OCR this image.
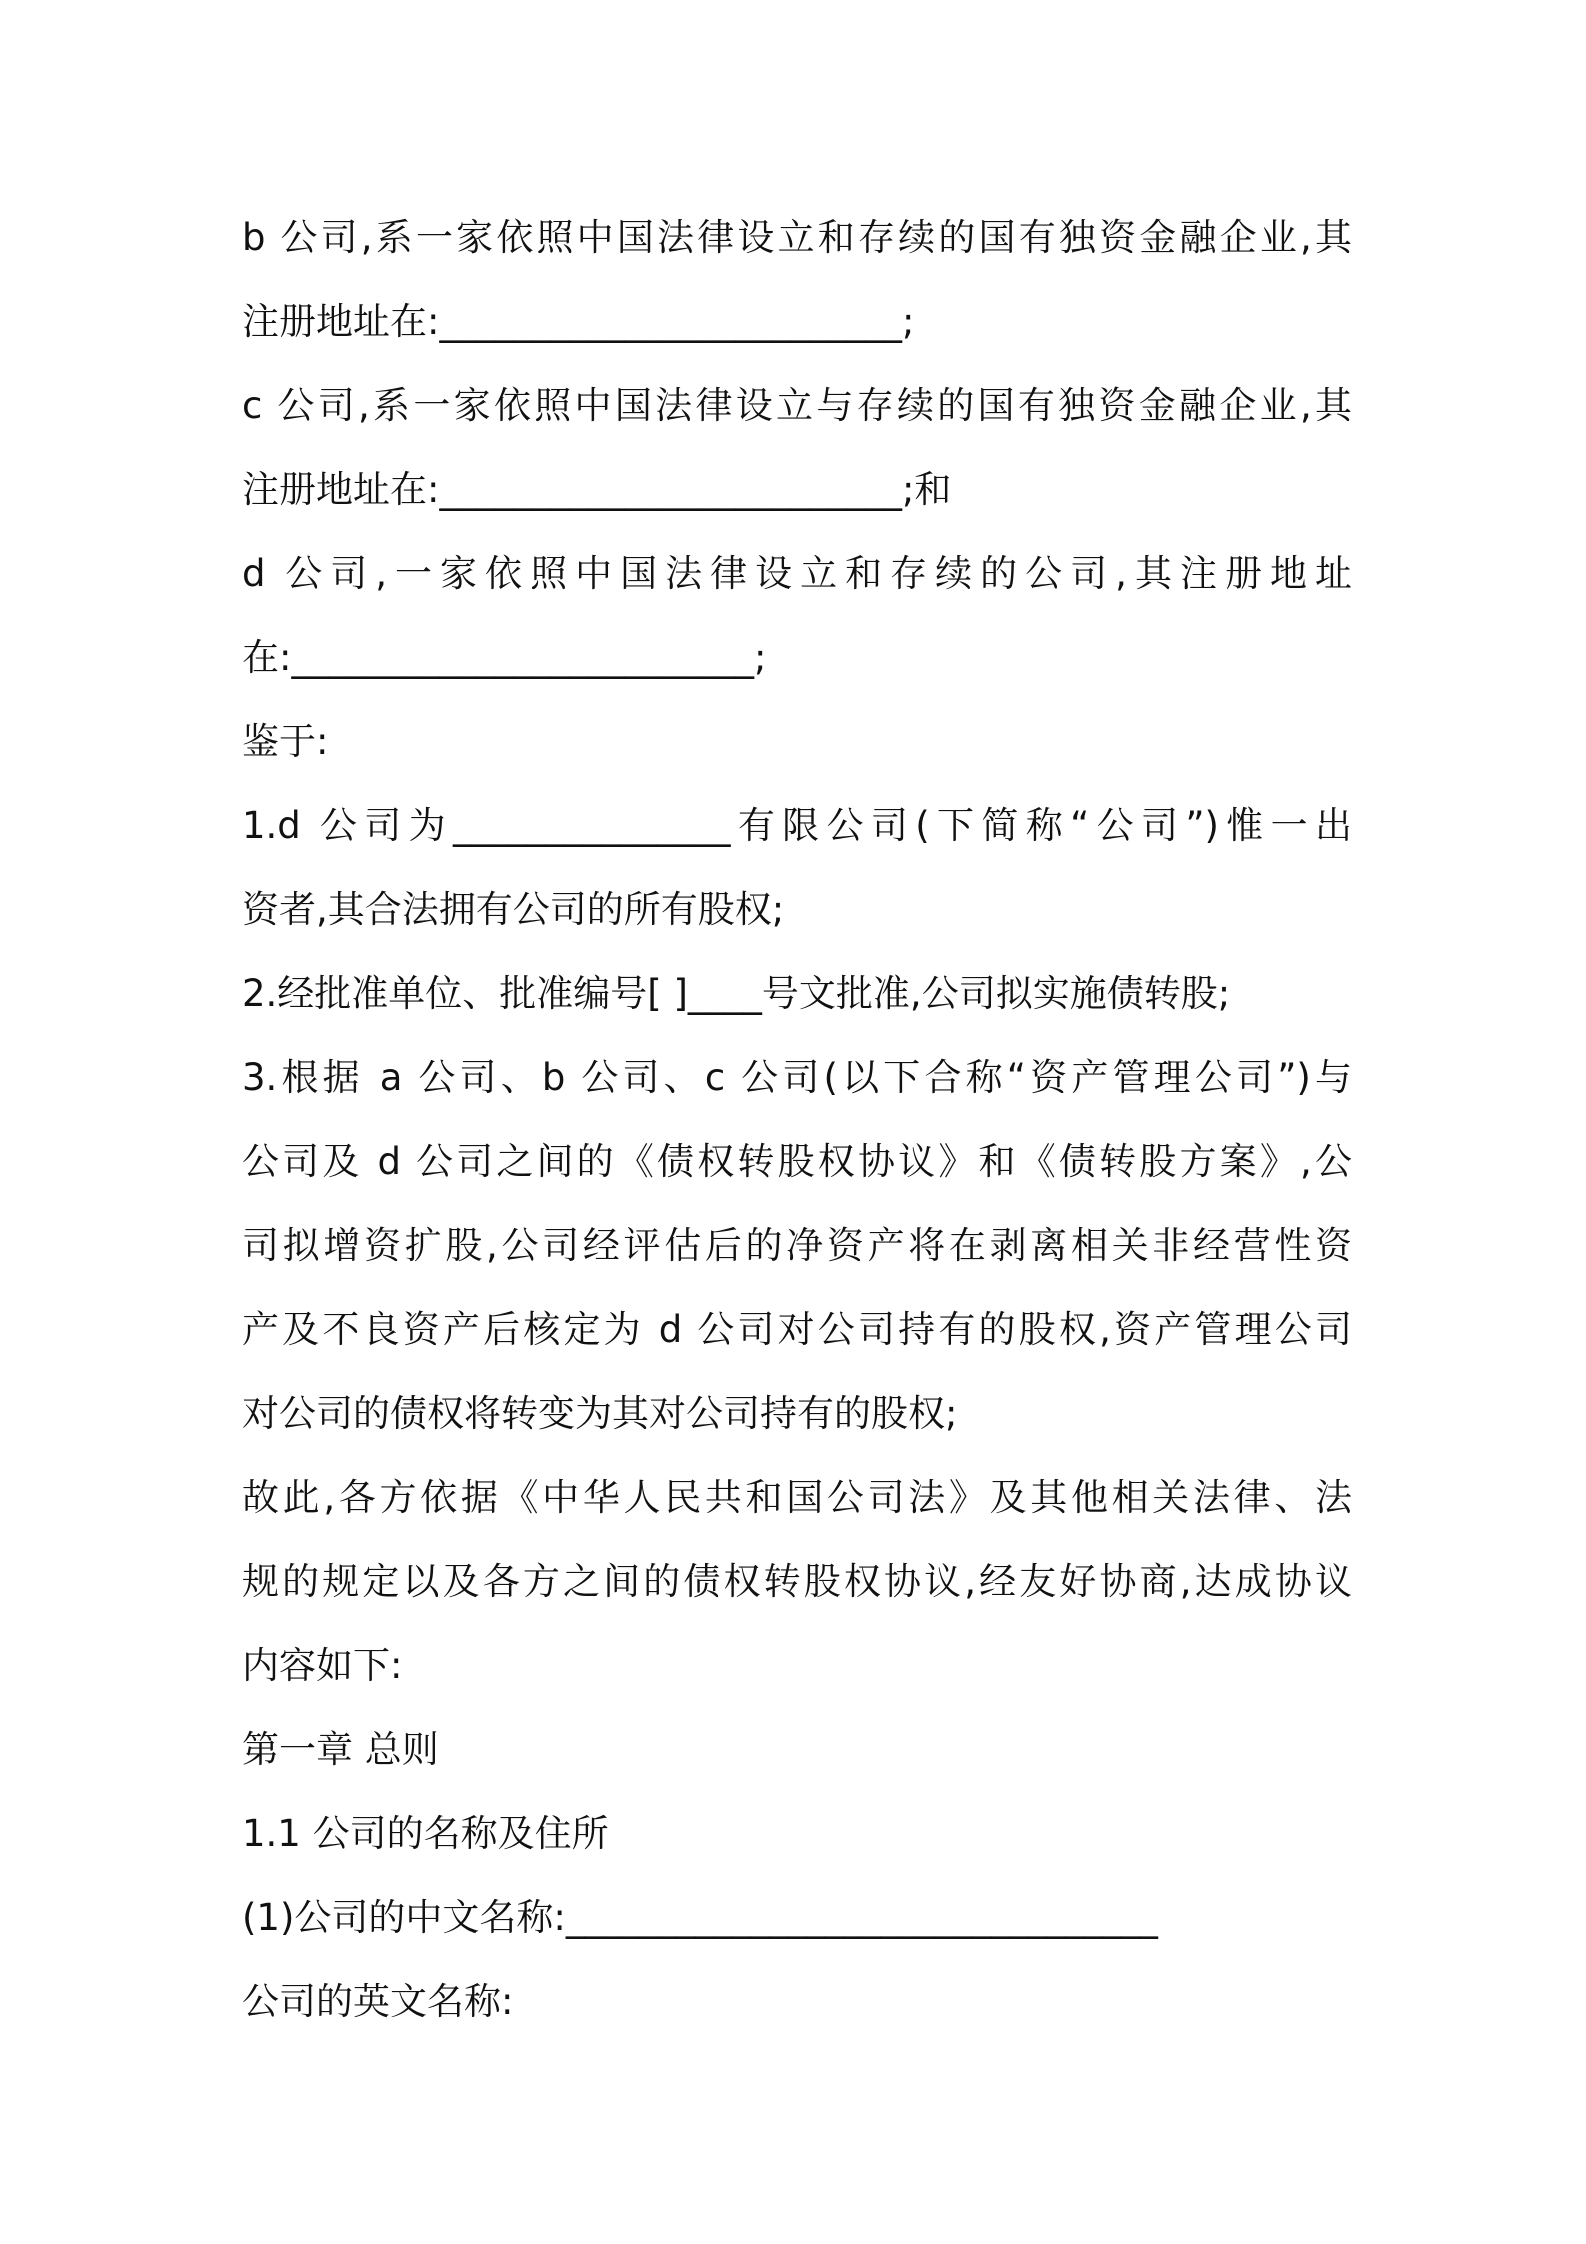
b 公司,系一家依照中国法律设立和存续的国有独资金融企业,其
注册地址在:_________________________;
c 公司,系一家依照中国法律设立与存续的国有独资金融企业,其
注册地址在:_________________________;和
d 公司,一家依照中国法律设立和存续的公司,其注册地址
在:_________________________;
鉴于:
1.d 公司为_______________有限公司(下简称“公司”)惟一出
资者,其合法拥有公司的所有股权;
2.经批准单位、批准编号[ ]____号文批准,公司拟实施债转股;
3.根据 a 公司、b 公司、c 公司(以下合称“资产管理公司”)与
公司及 d 公司之间的《债权转股权协议》和《债转股方案》,公
司拟增资扩股,公司经评估后的净资产将在剥离相关非经营性资
产及不良资产后核定为 d 公司对公司持有的股权,资产管理公司
对公司的债权将转变为其对公司持有的股权;
故此,各方依据《中华人民共和国公司法》及其他相关法律、法
规的规定以及各方之间的债权转股权协议,经友好协商,达成协议
内容如下:
第一章 总则
1.1 公司的名称及住所
(1)公司的中文名称:________________________________
公司的英文名称:
